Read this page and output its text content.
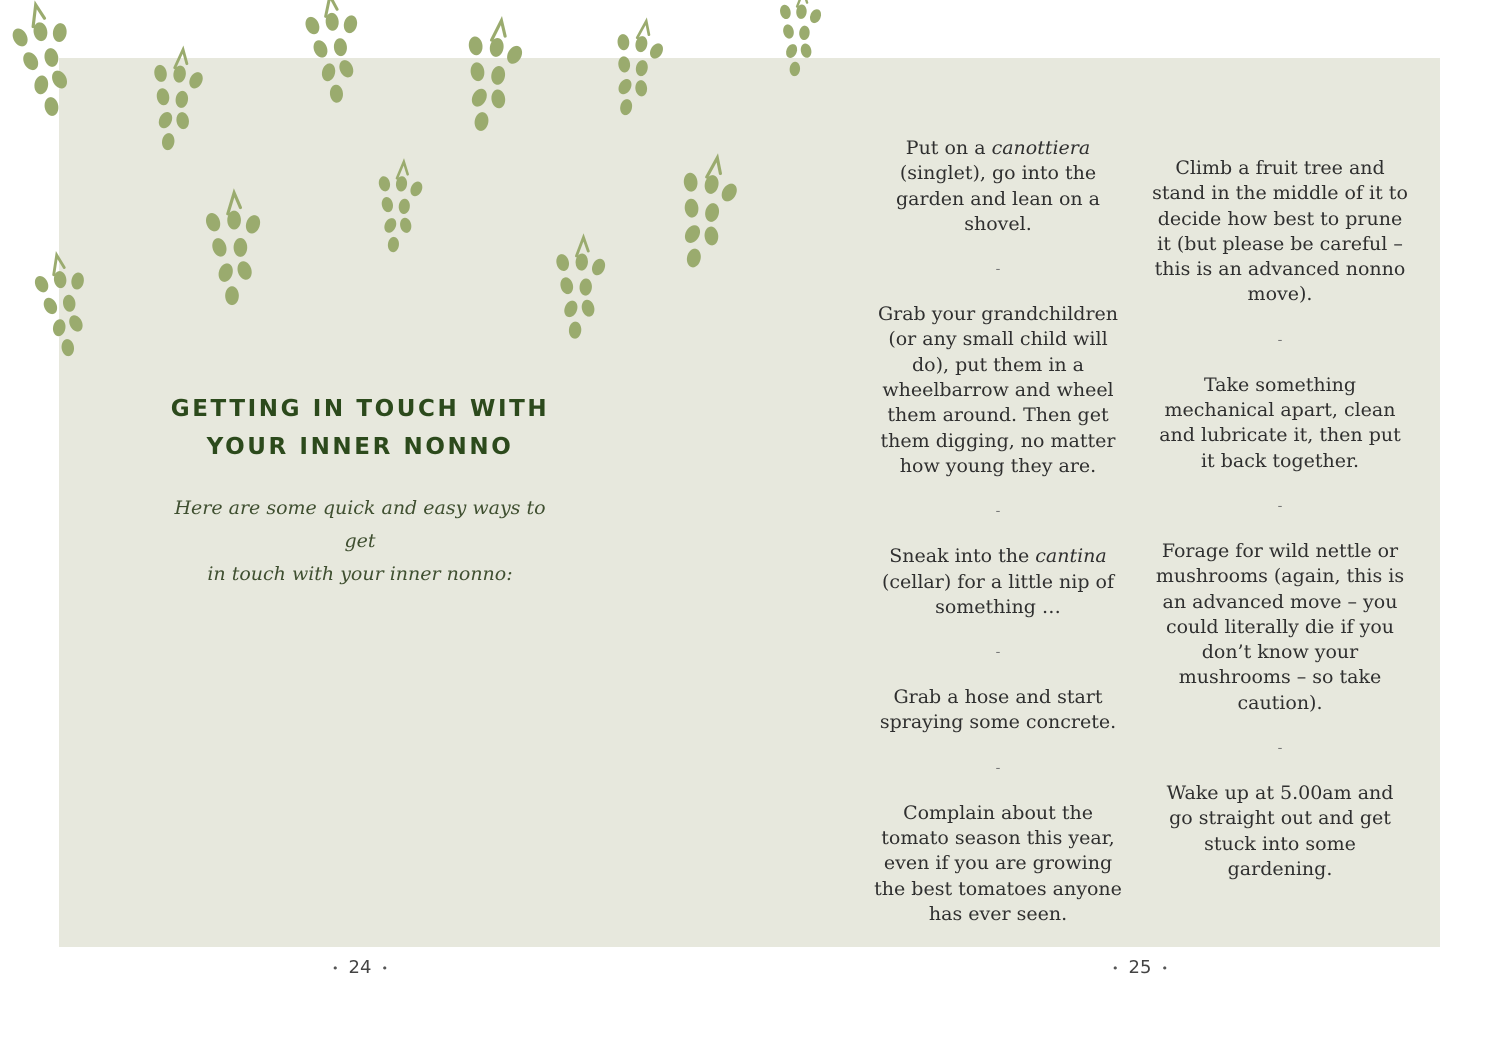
GETTING IN TOUCH WITH
YOUR INNER NONNO
Here are some quick and easy ways to get
in touch with your inner nonno:

Put on a canottiera (singlet), go into the garden and lean on a shovel.

-

Grab your grandchildren (or any small child will do), put them in a wheelbarrow and wheel them around. Then get them digging, no matter how young they are.

-

Sneak into the cantina (cellar) for a little nip of something …

-

Grab a hose and start spraying some concrete.

-

Complain about the tomato season this year, even if you are growing the best tomatoes anyone has ever seen.

Climb a fruit tree and stand in the middle of it to decide how best to prune it (but please be careful – this is an advanced nonno move).

-

Take something mechanical apart, clean and lubricate it, then put it back together.

-

Forage for wild nettle or mushrooms (again, this is an advanced move – you could literally die if you don’t know your mushrooms – so take caution).

-

Wake up at 5.00am and go straight out and get stuck into some gardening.

• 24 •	• 25 •
